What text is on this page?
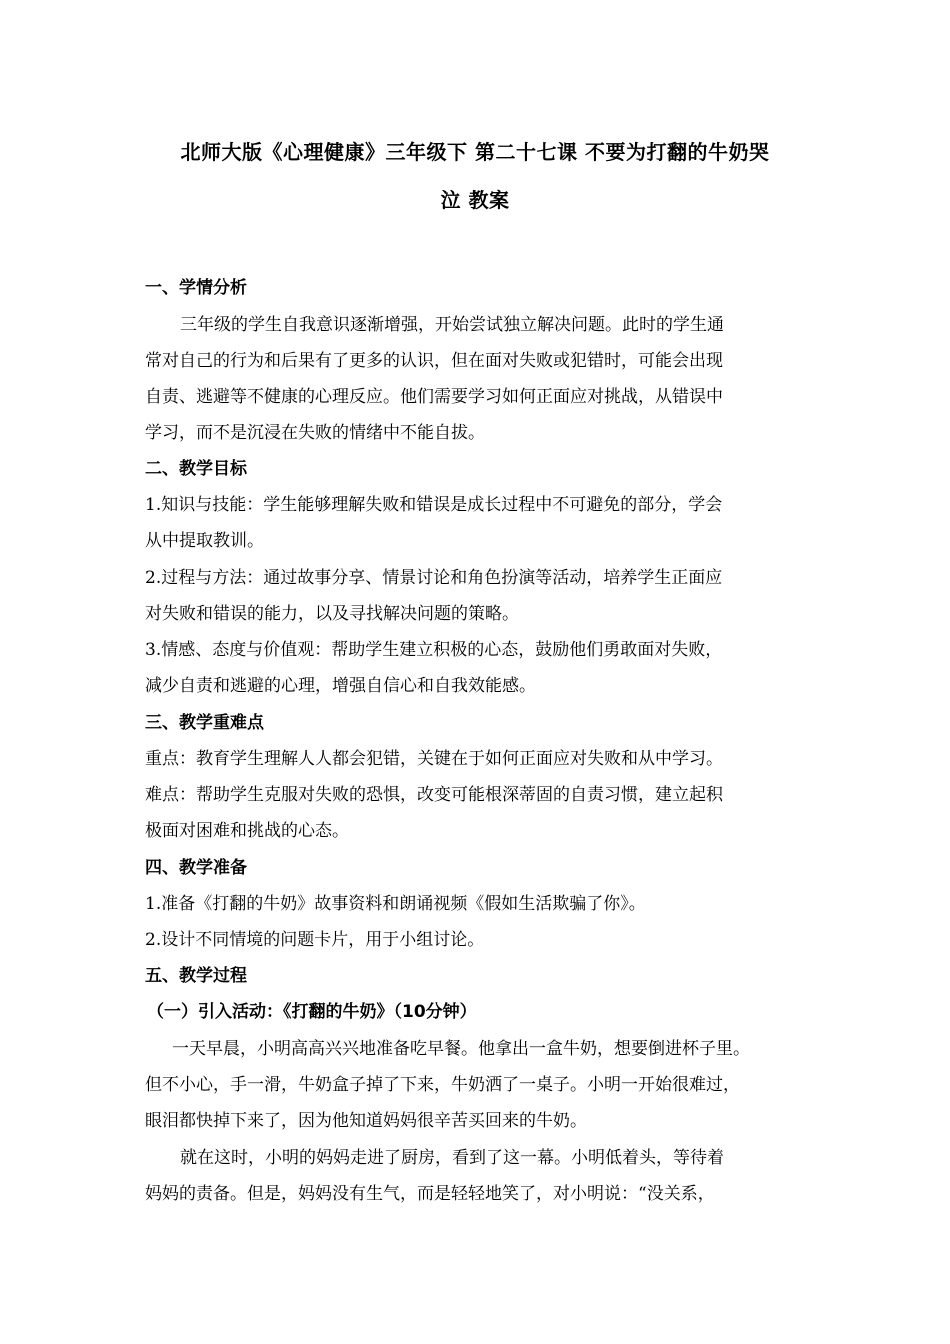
北师大版《心理健康》三年级下 第二十七课 不要为打翻的牛奶哭
泣 教案
一、学情分析
三年级的学生自我意识逐渐增强，开始尝试独立解决问题。此时的学生通
常对自己的行为和后果有了更多的认识，但在面对失败或犯错时，可能会出现
自责、逃避等不健康的心理反应。他们需要学习如何正面应对挑战，从错误中
学习，而不是沉浸在失败的情绪中不能自拔。
二、教学目标
1.知识与技能：学生能够理解失败和错误是成长过程中不可避免的部分，学会
从中提取教训。
2.过程与方法：通过故事分享、情景讨论和角色扮演等活动，培养学生正面应
对失败和错误的能力，以及寻找解决问题的策略。
3.情感、态度与价值观：帮助学生建立积极的心态，鼓励他们勇敢面对失败，
减少自责和逃避的心理，增强自信心和自我效能感。
三、教学重难点
重点：教育学生理解人人都会犯错，关键在于如何正面应对失败和从中学习。
难点：帮助学生克服对失败的恐惧，改变可能根深蒂固的自责习惯，建立起积
极面对困难和挑战的心态。
四、教学准备
1.准备《打翻的牛奶》故事资料和朗诵视频《假如生活欺骗了你》。
2.设计不同情境的问题卡片，用于小组讨论。
五、教学过程
（一）引入活动：《打翻的牛奶》（10分钟）
一天早晨，小明高高兴兴地准备吃早餐。他拿出一盒牛奶，想要倒进杯子里。
但不小心，手一滑，牛奶盒子掉了下来，牛奶洒了一桌子。小明一开始很难过，
眼泪都快掉下来了，因为他知道妈妈很辛苦买回来的牛奶。
就在这时，小明的妈妈走进了厨房，看到了这一幕。小明低着头，等待着
妈妈的责备。但是，妈妈没有生气，而是轻轻地笑了，对小明说：“没关系，
